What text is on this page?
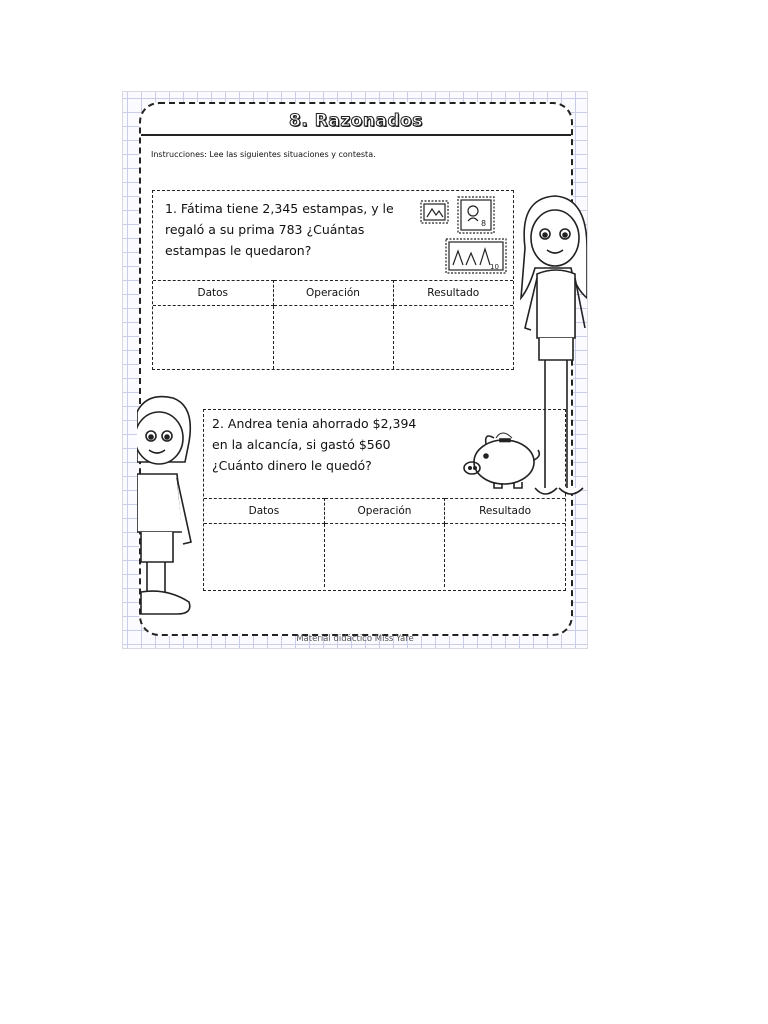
8. Razonados
Instrucciones: Lee las siguientes situaciones y contesta.
1. Fátima tiene 2,345 estampas, y le regaló a su prima 783 ¿Cuántas estampas le quedaron?
8
10
Datos	Operación	Resultado

2. Andrea tenia ahorrado $2,394 en la alcancía, si gastó $560 ¿Cuánto dinero le quedó?
Datos	Operación	Resultado

Material didáctico Miss Yare
